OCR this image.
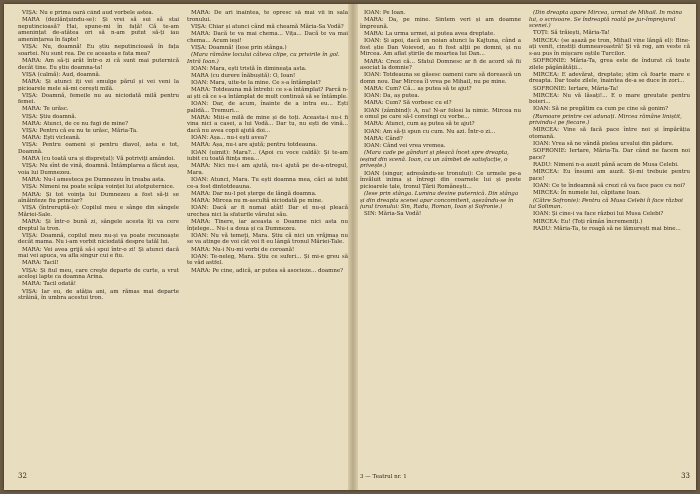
VIȘA: Nu e prima oară când aud vorbele astea.

MARA (dezlănțuindu-se): Și vrei să sui să stai neputincioasă? Hai, spune-mi în față! Că te-am amenințat de-atâtea ori să n-am putut să-ți iau amenințarea în fapte!

VIȘA: Nu, doamnă! Eu știu neputincioasă în fața soartei. Nu sunt rea. De ce aceasta e fata mea?

MARA: Am să-ți arăt într-o zi că sunt mai puternică decât tine. Eu știu doamna-ta!

VIȘA (calmă): Aud, doamnă.

MARA: Și atunci iți vei smulge părul și vei veni la picioarele mele să-mi cerești milă.

VIȘA: Doamnă, femeile nu au niciodată milă pentru femei.

MARA: Te urăsc.

VIȘA: Știu doamnă.

MARA: Atunci, de ce nu fugi de mine?

VIȘA: Pentru că eu nu te urăsc, Măria-Ta.

MARA: Ești vicleană.

VIȘA: Pentru oameni și pentru diavol, asta e tot, Doamnă.

MARA (cu toată ura și disprețul): Vă potriviți amândoi.

VIȘA: Nu sînt de vină, doamnă. Întâmplarea a făcut așa, voia lui Dumnezeu.

MARA: Nu-l amesteca pe Dumnezeu în treaba asta.

VIȘA: Nimeni nu poate scăpa voinței lui atotputernice.

MARA: Și tot voința lui Dumnezeu a fost să-ți se aînăinteze fiu princiar?

VIȘA (întreruptă-o): Copilul meu e sânge din sângele Măriei-Sale.

MARA: Și într-o bună zi, sângele acesta îți va cere dreptul la tron.

VIȘA: Doamnă, copilul meu nu-și va poate recunoaște decât mama. Nu i-am vorbit niciodată despre tatăl lui.

MARA: Vei avea grijă să-i spui într-o zi! Și atunci dacă mai vei apuca, va afla singur cui e fiu.

MARA: Tacil!

VIȘA: Și fiul meu, care creşte departe de curte, a vrut aceloşi lapte ca doamna Arina.

MARA: Tacil odată!

VIȘA: Iar eu, de atâția ani, am rămas mai departe străină, în umbra acestui tron.

MARA: De ari înaintea, te opresc să mai vii în sala tronului.

VIȘA: Chiar și atunci când mă cheamă Măria-Sa Vodă?

MARA: Dacă te va mai chema... Vița... Dacă te va mai chema... Acum ieși!

VIȘA: Doamnă! (Iese prin stânga.)

(Mara rămâne locului câteva clipe, cu privirile în gol. Intră Ioan.)

IOAN: Mara, ești tristă în dimineața asta.

MARA (cu durere înăbușită): O, Ioan!

IOAN: Mara, uite-te la mine. Ce s-a întâmplat?

MARA: Totdeauna mă întrebi: ce s-a întâmplat? Parcă n-ai ști că ce s-a întâmplat de mult continuă să se întâmple.

IOAN: Dar, de acum, înainte de a intra eu... Ești palidă... Tremuri...

MARA: Miii-e milă de mine și de toți. Aceasta-i nu-i fi vina nici a casei, a lui Vodă... Dar tu, nu ești de vină... dacă nu avea copii ajută doi...

IOAN: Așa... nu-i ești avea?

MARA: Așa, nu-i are ajută; pentru totdeauna.

IOAN (uimit): Mara?... (Apoi cu voce caldă): Și te-am iubit cu toată ființa mea...

MARA: Nici nu-i am ajută, nu-i ajută pe de-a-ntregul, Mara.

IOAN: Atunci, Mara. Tu ești doamna mea, căci ai iubit ce-a fost dintotdeauna.

MARA: Dar nu-l pot șterge de lângă doamna.

MARA: Mircea nu m-ascultă niciodată pe mine.

IOAN: Dacă ar fi numai atât! Dar el nu-și pleacă urechea nici la sfaturile vărului său.

MARA: Tinere, iar aceasta e Doamne nici asta nu înțelege... Nu-i a doua și ca Dumnezeu.

IOAN: Nu vă temeți, Mara. Știu că nici un vrăjmaș nu se va atinge de voi cât voi fi eu lângă tronul Măriei-Tale.

MARA: Nu-i Nu-mi vorbi de coroană!

IOAN: Te-neleg, Mara. Știu ce suferi... Și mi-e greu să te văd astfel.

MARA: Pe cine, adică, ar putea să asocieze... doamne?

32

IOAN: Pe Ioan.

MARA: Da, pe mine. Sintem veri și am doamne împreună.

MARA: La urma urmei, ai putea avea dreptate.

IOAN: Și apoi, dacă un noian atunci la Kajtuna, când a fost știe Dan Voievod, au fi fost alții pe domni, și nu Mircea. Am aflat știrile de moartea lui Dan...

MARA: Crezi că... Sfatul Domnesc ar fi de acord să fii asociat la domnie?

IOAN: Totdeauna se găsesc oameni care să dorească un domn nou. Dar Mircea îl vrea pe Mihail, nu pe mine.

MARA: Cum? Că... aș putea să te ajut?

IOAN: Da, aș putea.

MARA: Cum? Să vorbesc cu el?

IOAN (zâmbind): A, nu! N-ar folosi la nimic. Mircea nu e omul pe care să-l convingi cu vorbe...

MARA: Atunci, cum aș putea să te ajut?

IOAN: Am să-ți spun cu cum. Nu azi. Într-o zi...

MARA: Când?

IOAN: Când vei vrea vremea.

(Mara cade pe gânduri și pleacă încet spre dreapta, ieșind din scenă. Ioan, cu un zâmbet de satisfacție, o privește.)

IOAN (singur, adresându-se tronului): Ce urmele pe-a învăluit inima și întregi din coarnele lui și peste picioarele tale, tronul Țării Românești...

(Iese prin stânga. Lumina devine puternică. Din stânga și din dreapta scenei apar concomitent, așezându-se în jurul tronului: Sin, Radu, Roman, Ioan și Sofronie.)

SIN: Măria-Sa Vodă!

(Din dreapta apare Mircea, urmat de Mihail. În mâna lui, o scrisoare. Se îndreaptă roată pe jur-împrejurul scenei.)

TOȚI: Să trăiești, Măria-Ta!

MIRCEA: (se așază pe tron, Mihail vine lângă el): Bine-ați venit, cinstiți dumneavoastră! Și vă rog, am veste că s-au pus în mișcare oștile Turcilor.

SOFRONIE: Măria-Ta, grea este de îndurat că toate zilele păgânătății...

MIRCEA: E adevărat, dreptate; știm că foarte mare e dreapta. Dar toate zilele, înaintea de-a se duce în zori...

SOFRONIE: Iertare, Măria-Ta!

MIRCEA: Nu vă lăsați!... E o mare greutate pentru boieri...

IOAN: Să ne pregătim ca cum pe cine să gonim?

(Rumoare printre cei adunați. Mircea rămâne liniștit, privindu-i pe fiecare.)

MIRCEA: Vine să facă pace între noi și împărăția otomană.

IOAN: Vrea să ne vândă pielea ursului din pădure.

SOFRONIE: Iertare, Măria-Ta. Dar când ne facem noi pace?

RADU: Nimeni n-a auzit până acum de Musa Celebi.

MIRCEA: Eu însumi am auzit. Și-mi trebuie pentru pace!

IOAN: Ce te îndeamnă să crezi că va face pace cu noi?

MIRCEA: În numele lui, căpitane Ioan.

(Către Sofronie): Pentru că Musa Celebi îi face război lui Soliman.

IOAN: Și cine-i va face război lui Musa Celebi?

MIRCEA: Eu! (Toți rămân încremeniți.)

RADU: Măria-Ta, te roagă să ne lămurești mai bine...

3 — Teatrul nr. 1	33
